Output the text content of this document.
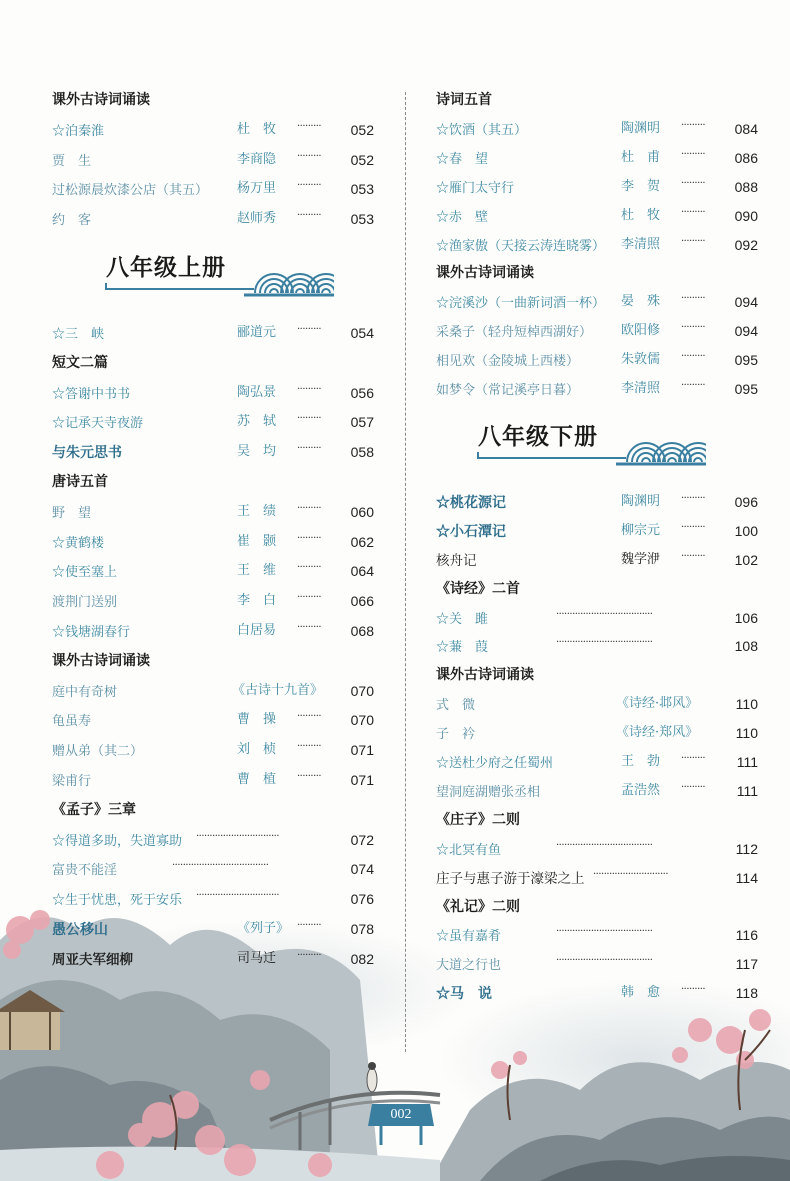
课外古诗词诵读
☆泊秦淮	杜　牧 ········· 052
贾　生	李商隐 ········· 052
过松源晨炊漆公店（其五） 杨万里 ········· 053
约　客	赵师秀 ········· 053
八年级上册
☆三　峡	郦道元 ········· 054
短文二篇
☆答谢中书书	陶弘景 ········· 056
☆记承天寺夜游	苏　轼 ········· 057
与朱元思书	吴　均 ········· 058
唐诗五首
野　望	王　绩 ········· 060
☆黄鹤楼	崔　颢 ········· 062
☆使至塞上	王　维 ········· 064
渡荆门送别	李　白 ········· 066
☆钱塘湖春行	白居易 ········· 068
课外古诗词诵读
庭中有奇树	《古诗十九首》 070
龟虽寿	曹　操 ········· 070
赠从弟（其二）	刘　桢 ········· 071
梁甫行	曹　植 ········· 071
《孟子》三章
☆得道多助，失道寡助 ·······························	072
富贵不能淫	····································	074
☆生于忧患，死于安乐 ·······························	076
愚公移山	《列子》 ········· 078
周亚夫军细柳	司马迁 ········· 082
诗词五首
☆饮酒（其五）	陶渊明 ········· 084
☆春　望	杜　甫 ········· 086
☆雁门太守行	李　贺 ········· 088
☆赤　壁	杜　牧 ········· 090
☆渔家傲（天接云涛连晓雾） 李清照 ········· 092
课外古诗词诵读
☆浣溪沙（一曲新词酒一杯） 晏　殊 ········· 094
采桑子（轻舟短棹西湖好） 欧阳修 ········· 094
相见欢（金陵城上西楼）	朱敦儒 ········· 095
如梦令（常记溪亭日暮）	李清照 ········· 095
八年级下册
☆桃花源记	陶渊明 ········· 096
☆小石潭记	柳宗元 ········· 100
核舟记	魏学洢 ········· 102
《诗经》二首
☆关　雎	····································	106
☆蒹　葭	····································	108
课外古诗词诵读
式　微	《诗经·邶风》	110
子　衿	《诗经·郑风》	110
☆送杜少府之任蜀州	王　勃 ········· 111
望洞庭湖赠张丞相	孟浩然 ········· 111
《庄子》二则
☆北冥有鱼	····································	112
庄子与惠子游于濠梁之上 ····························	114
《礼记》二则
☆虽有嘉肴	····································	116
大道之行也	····································	117
☆马　说	韩　愈 ········· 118
002
